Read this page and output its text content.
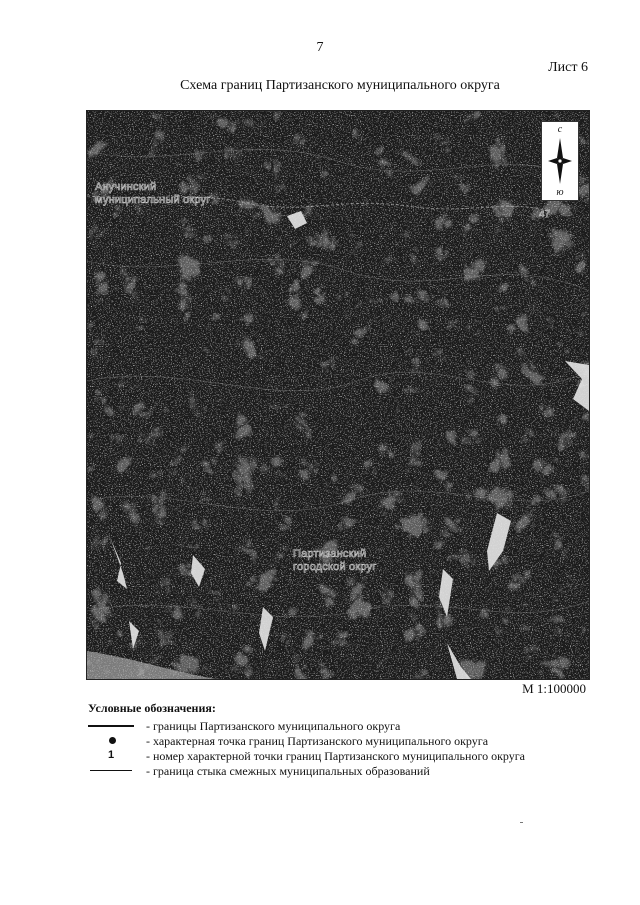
7
Лист 6
Схема границ Партизанского муниципального округа
с
ю
Анучинский
муниципальный округ
Партизанский
городской округ
47
М 1:100000
Условные обозначения:
- границы Партизанского муниципального округа
- характерная точка границ Партизанского муниципального округа
1	- номер характерной точки границ Партизанского муниципального округа
- граница стыка смежных муниципальных образований
